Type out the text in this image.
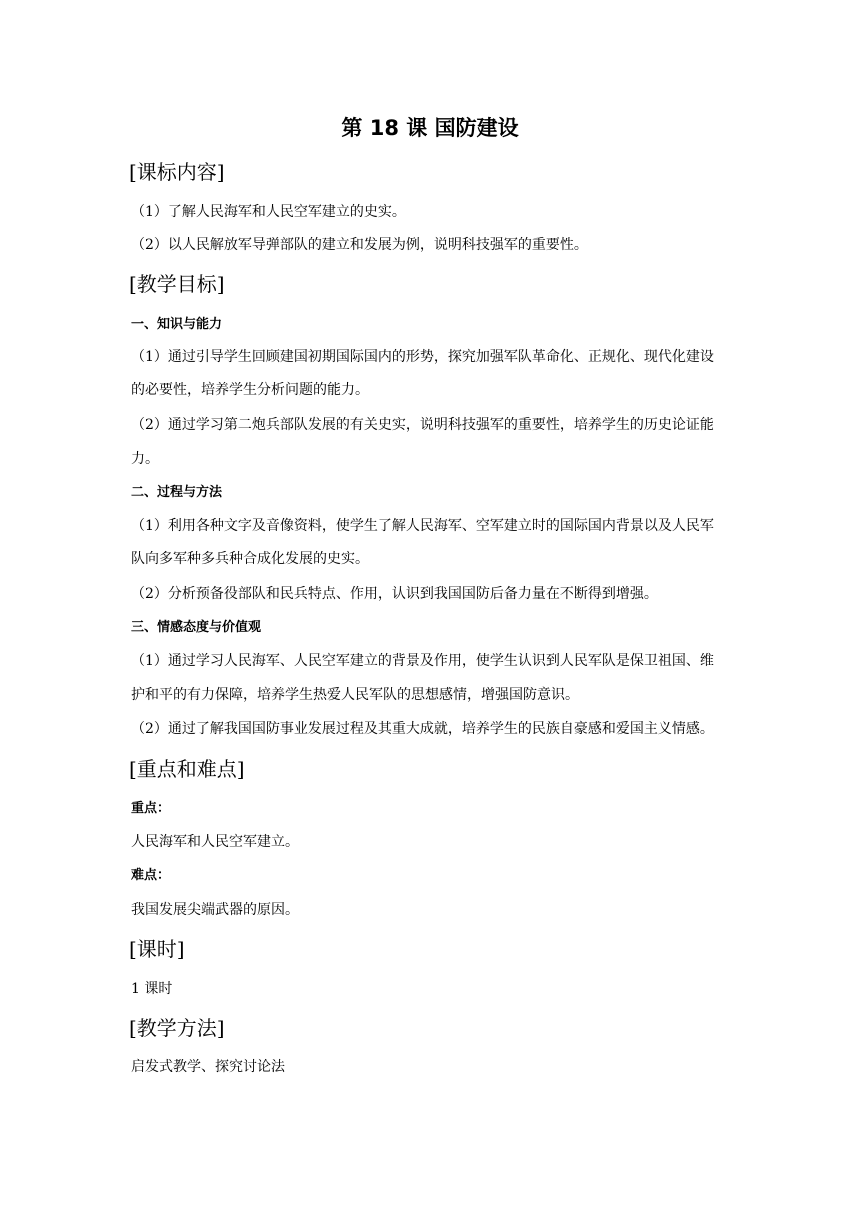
第 18 课 国防建设
[课标内容]
（1）了解人民海军和人民空军建立的史实。
（2）以人民解放军导弹部队的建立和发展为例，说明科技强军的重要性。
[教学目标]
一、知识与能力
（1）通过引导学生回顾建国初期国际国内的形势，探究加强军队革命化、正规化、现代化建设
的必要性，培养学生分析问题的能力。
（2）通过学习第二炮兵部队发展的有关史实，说明科技强军的重要性，培养学生的历史论证能
力。
二、过程与方法
（1）利用各种文字及音像资料，使学生了解人民海军、空军建立时的国际国内背景以及人民军
队向多军种多兵种合成化发展的史实。
（2）分析预备役部队和民兵特点、作用，认识到我国国防后备力量在不断得到增强。
三、情感态度与价值观
（1）通过学习人民海军、人民空军建立的背景及作用，使学生认识到人民军队是保卫祖国、维
护和平的有力保障，培养学生热爱人民军队的思想感情，增强国防意识。
（2）通过了解我国国防事业发展过程及其重大成就，培养学生的民族自豪感和爱国主义情感。
[重点和难点]
重点：
人民海军和人民空军建立。
难点：
我国发展尖端武器的原因。
[课时]
1 课时
[教学方法]
启发式教学、探究讨论法
